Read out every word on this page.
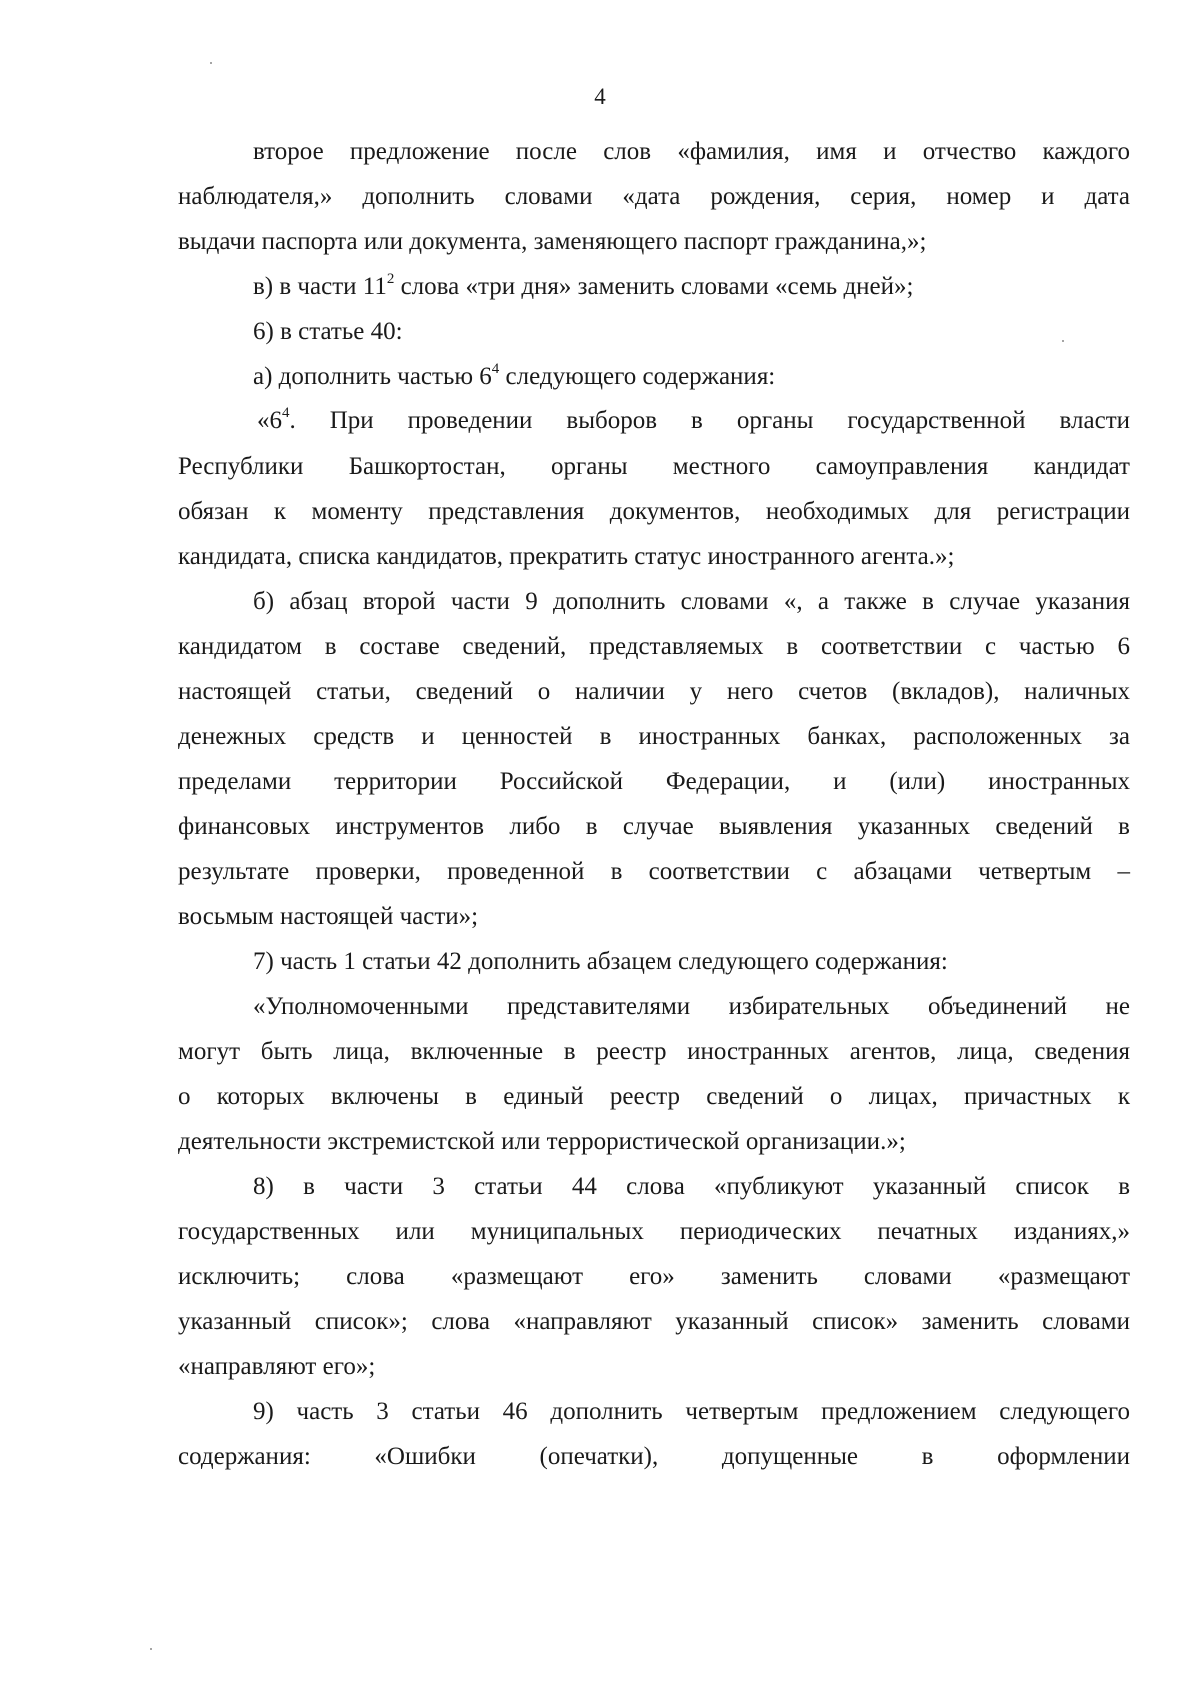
4
второе предложение после слов «фамилия, имя и отчество каждого
наблюдателя,» дополнить словами «дата рождения, серия, номер и дата
выдачи паспорта или документа, заменяющего паспорт гражданина,»;
в) в части $11^2$ слова «три дня» заменить словами «семь дней»;
6) в статье 40:
а) дополнить частью $6^4$ следующего содержания:
«$6^4$ . При проведении выборов в органы государственной власти
Республики Башкортостан, органы местного самоуправления кандидат
обязан к моменту представления документов, необходимых для регистрации
кандидата, списка кандидатов, прекратить статус иностранного агента.»;
б) абзац второй части 9 дополнить словами «, а также в случае указания
кандидатом в составе сведений, представляемых в соответствии с частью 6
настоящей статьи, сведений о наличии у него счетов (вкладов), наличных
денежных средств и ценностей в иностранных банках, расположенных за
пределами территории Российской Федерации, и (или) иностранных
финансовых инструментов либо в случае выявления указанных сведений в
результате проверки, проведенной в соответствии с абзацами четвертым –
восьмым настоящей части»;
7) часть 1 статьи 42 дополнить абзацем следующего содержания:
«Уполномоченными представителями избирательных объединений не
могут быть лица, включенные в реестр иностранных агентов, лица, сведения
о которых включены в единый реестр сведений о лицах, причастных к
деятельности экстремистской или террористической организации.»;
8) в части 3 статьи 44 слова «публикуют указанный список в
государственных или муниципальных периодических печатных изданиях,»
исключить; слова «размещают его» заменить словами «размещают
указанный список»; слова «направляют указанный список» заменить словами
«направляют его»;
9) часть 3 статьи 46 дополнить четвертым предложением следующего
содержания: «Ошибки (опечатки), допущенные в оформлении
